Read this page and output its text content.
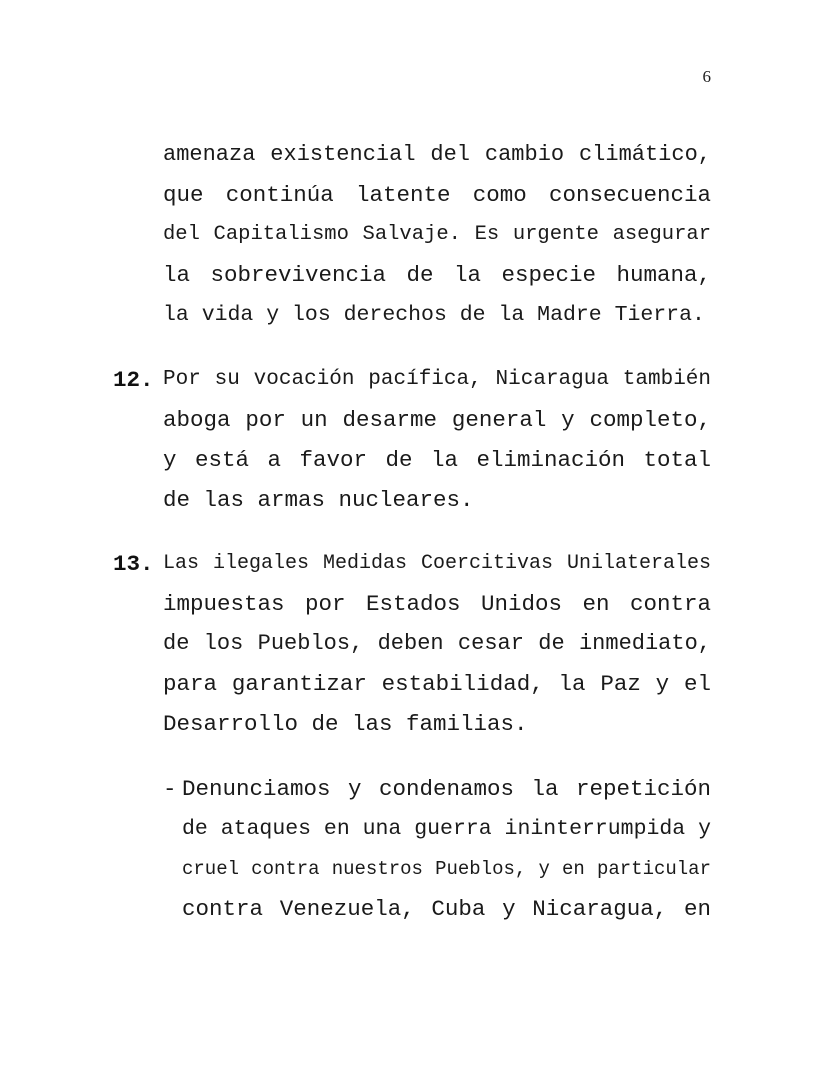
6
amenaza existencial del cambio climático,
que continúa latente como consecuencia
del Capitalismo Salvaje. Es urgente asegurar
la sobrevivencia de la especie humana,
la vida y los derechos de la Madre Tierra.
12. Por su vocación pacífica, Nicaragua también
aboga por un desarme general y completo,
y está a favor de la eliminación total
de las armas nucleares.
13. Las ilegales Medidas Coercitivas Unilaterales
impuestas por Estados Unidos en contra
de los Pueblos, deben cesar de inmediato,
para garantizar estabilidad, la Paz y el
Desarrollo de las familias.
- Denunciamos y condenamos la repetición
de ataques en una guerra ininterrumpida y
cruel contra nuestros Pueblos, y en particular
contra Venezuela, Cuba y Nicaragua, en
